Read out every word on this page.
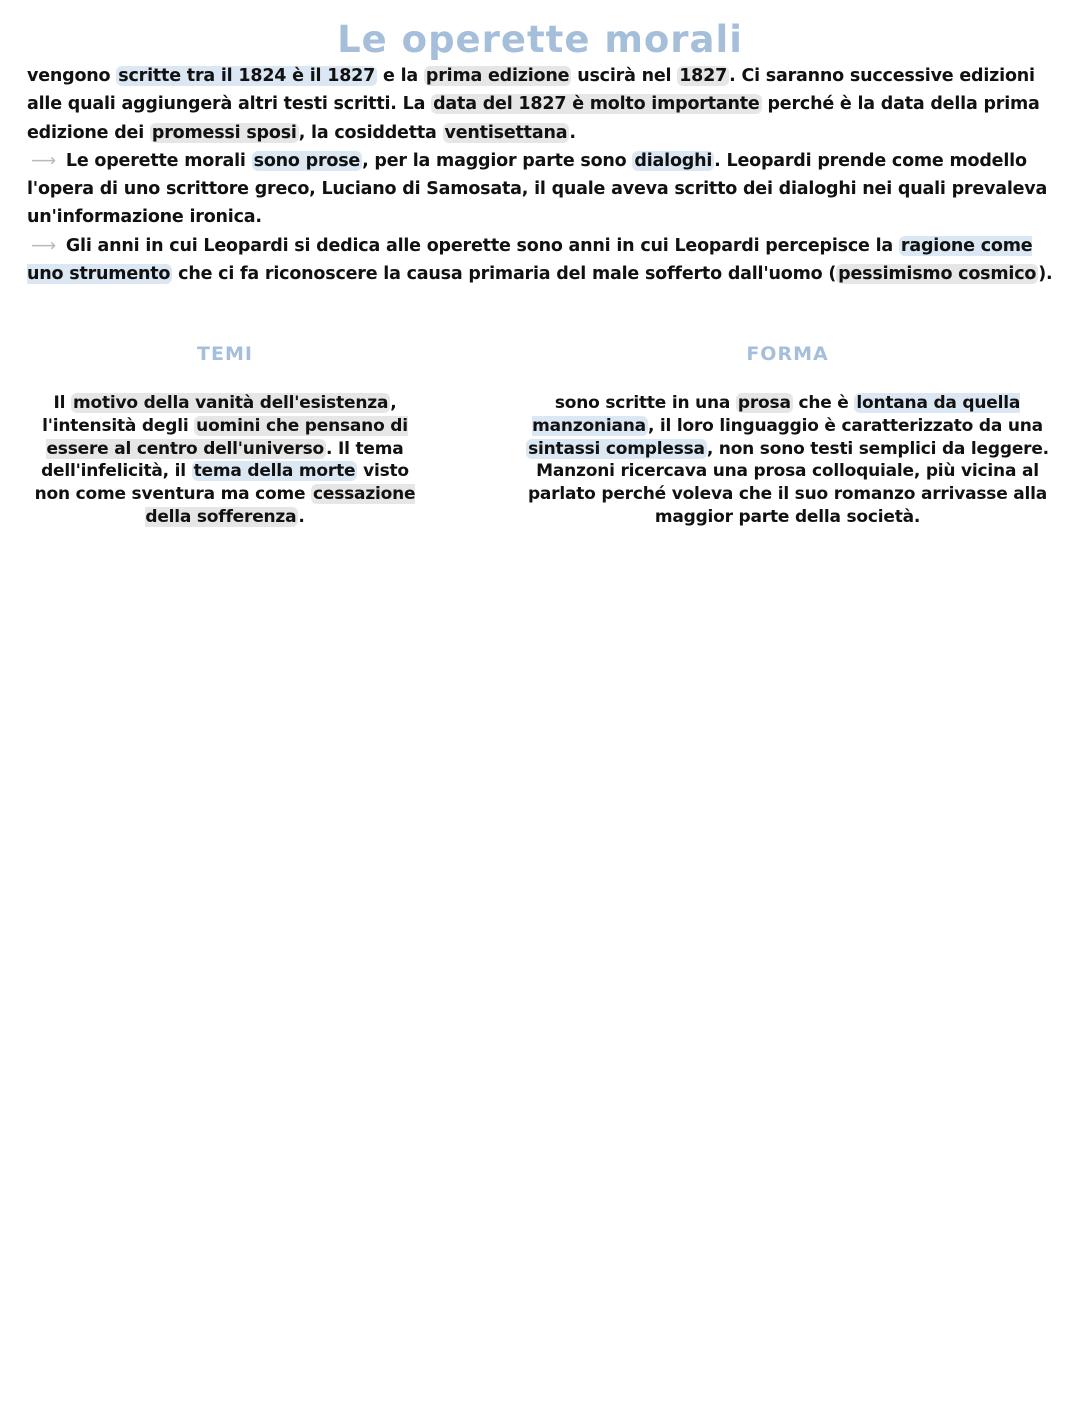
Le operette morali

vengono scritte tra il 1824 è il 1827 e la prima edizione uscirà nel 1827 . Ci saranno successive edizioni alle quali aggiungerà altri testi scritti. La data del 1827 è molto importante perché è la data della prima edizione dei promessi sposi , la cosiddetta ventisettana .

⟶ Le operette morali sono prose , per la maggior parte sono dialoghi . Leopardi prende come modello l'opera di uno scrittore greco, Luciano di Samosata, il quale aveva scritto dei dialoghi nei quali prevaleva un'informazione ironica.

⟶ Gli anni in cui Leopardi si dedica alle operette sono anni in cui Leopardi percepisce la ragione come uno strumento che ci fa riconoscere la causa primaria del male sofferto dall'uomo ( pessimismo cosmico ).

TEMI

Il motivo della vanità dell'esistenza , l'intensità degli uomini che pensano di essere al centro dell'universo . Il tema dell'infelicità, il tema della morte visto non come sventura ma come cessazione della sofferenza .

FORMA

sono scritte in una prosa che è lontana da quella manzoniana , il loro linguaggio è caratterizzato da una sintassi complessa , non sono testi semplici da leggere. Manzoni ricercava una prosa colloquiale, più vicina al parlato perché voleva che il suo romanzo arrivasse alla maggior parte della società.
